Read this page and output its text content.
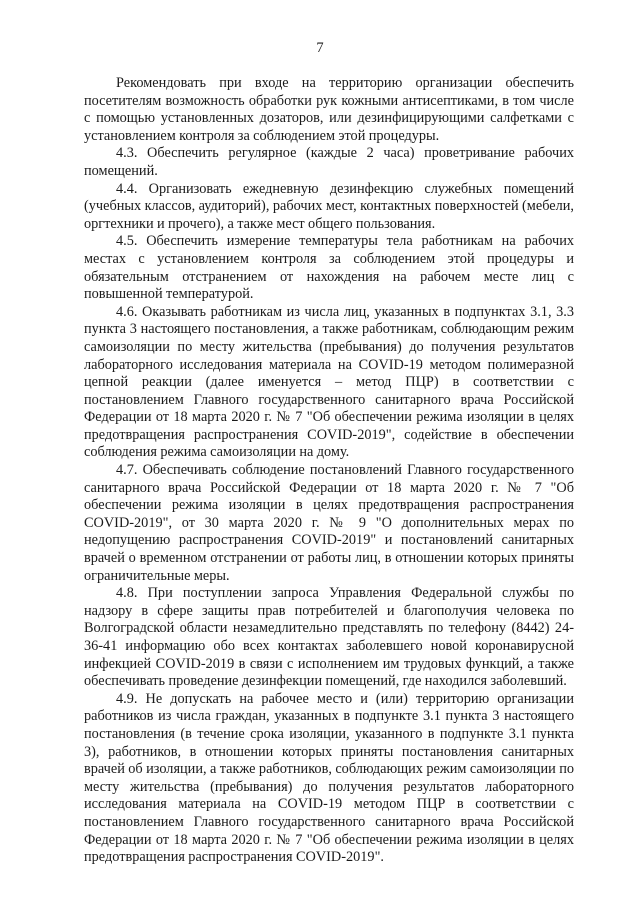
7

Рекомендовать при входе на территорию организации обеспечить посетителям возможность обработки рук кожными антисептиками, в том числе с помощью установленных дозаторов, или дезинфицирующими салфетками с установлением контроля за соблюдением этой процедуры.

4.3. Обеспечить регулярное (каждые 2 часа) проветривание рабочих помещений.

4.4. Организовать ежедневную дезинфекцию служебных помещений (учебных классов, аудиторий), рабочих мест, контактных поверхностей (мебели, оргтехники и прочего), а также мест общего пользования.

4.5. Обеспечить измерение температуры тела работникам на рабочих местах с установлением контроля за соблюдением этой процедуры и обязательным отстранением от нахождения на рабочем месте лиц с повышенной температурой.

4.6. Оказывать работникам из числа лиц, указанных в подпунктах 3.1, 3.3 пункта 3 настоящего постановления, а также работникам, соблюдающим режим самоизоляции по месту жительства (пребывания) до получения результатов лабораторного исследования материала на COVID-19 методом полимеразной цепной реакции (далее именуется – метод ПЦР) в соответствии с постановлением Главного государственного санитарного врача Российской Федерации от 18 марта 2020 г. № 7 "Об обеспечении режима изоляции в целях предотвращения распространения COVID-2019", содействие в обеспечении соблюдения режима самоизоляции на дому.

4.7. Обеспечивать соблюдение постановлений Главного государственного санитарного врача Российской Федерации от 18 марта 2020 г. № 7 "Об обеспечении режима изоляции в целях предотвращения распространения COVID-2019", от 30 марта 2020 г. № 9 "О дополнительных мерах по недопущению распространения COVID-2019" и постановлений санитарных врачей о временном отстранении от работы лиц, в отношении которых приняты ограничительные меры.

4.8. При поступлении запроса Управления Федеральной службы по надзору в сфере защиты прав потребителей и благополучия человека по Волгоградской области незамедлительно представлять по телефону (8442) 24-36-41 информацию обо всех контактах заболевшего новой коронавирусной инфекцией COVID-2019 в связи с исполнением им трудовых функций, а также обеспечивать проведение дезинфекции помещений, где находился заболевший.

4.9. Не допускать на рабочее место и (или) территорию организации работников из числа граждан, указанных в подпункте 3.1 пункта 3 настоящего постановления (в течение срока изоляции, указанного в подпункте 3.1 пункта 3), работников, в отношении которых приняты постановления санитарных врачей об изоляции, а также работников, соблюдающих режим самоизоляции по месту жительства (пребывания) до получения результатов лабораторного исследования материала на COVID-19 методом ПЦР в соответствии с постановлением Главного государственного санитарного врача Российской Федерации от 18 марта 2020 г. № 7 "Об обеспечении режима изоляции в целях предотвращения распространения COVID-2019".
